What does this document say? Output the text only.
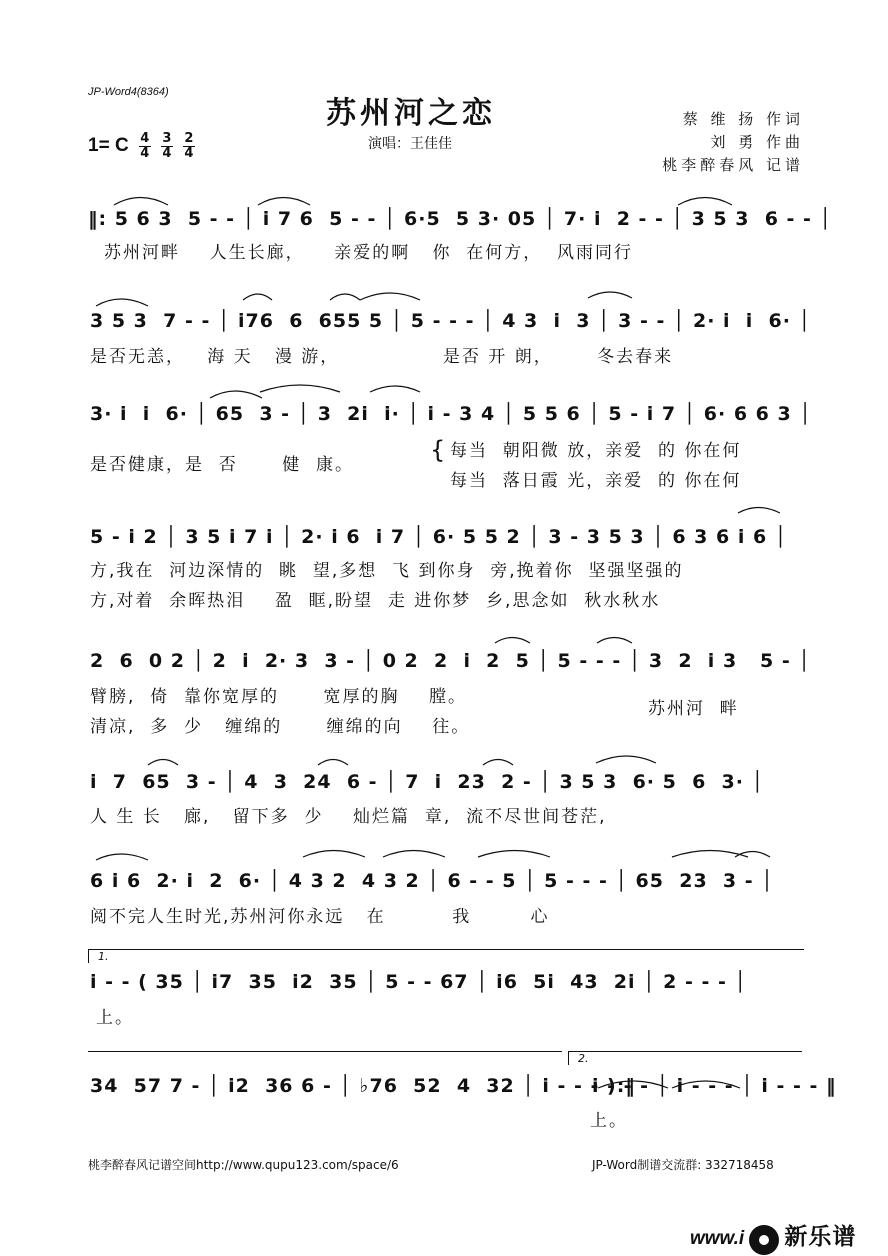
JP-Word4(8364)
苏州河之恋
演唱：王佳佳
蔡 维 扬 作词
刘 勇 作曲
桃李醉春风 记谱
1= C $\frac{4}{4}$
$\frac{3}{4}$
$\frac{2}{4}$
‖: 5 6 3  5 - - │ i 7 6  5 - - │ 6·5  5 3· 05 │ 7· i  2 - - │ 3 5 3  6 - - │
苏州河畔    人生长廊，    亲爱的啊   你  在何方，  风雨同行
3 5 3  7 - - │ i76  6  655 5 │ 5 - - - │ 4 3  i  3 │ 3 - - │ 2· i  i  6· │
是否无恙，   海 天   漫 游，              是否 开 朗，      冬去春来
3· i  i  6· │ 65  3 - │ 3  2i  i· │ i - 3 4 │ 5 5 6 │ 5 - i 7 │ 6· 6 6 3 │
是否健康，是  否      健  康。
{ 每当  朝阳微 放，亲爱  的 你在何
每当  落日霞 光，亲爱  的 你在何
5 - i 2 │ 3 5 i 7 i │ 2· i 6  i 7 │ 6· 5 5 2 │ 3 - 3 5 3 │ 6 3 6 i 6 │
方,我在  河边深情的  眺  望,多想  飞 到你身  旁,挽着你  坚强坚强的
方,对着  余晖热泪    盈  眶,盼望  走 进你梦  乡,思念如  秋水秋水
2  6  0 2 │ 2  i  2· 3  3 - │ 0 2  2  i  2  5 │ 5 - - - │ 3  2  i 3   5 - │
臂膀,  倚  靠你宽厚的      宽厚的胸    膛。
清凉,  多  少   缠绵的      缠绵的向    往。
苏州河  畔
i  7  65  3 - │ 4  3  24  6 - │ 7  i  23  2 - │ 3 5 3  6· 5  6  3· │
人 生 长   廊,   留下多  少    灿烂篇  章,  流不尽世间苍茫,
6 i 6  2· i  2  6· │ 4 3 2  4 3 2 │ 6 - - 5 │ 5 - - - │ 65  23  3 - │
阅不完人生时光,苏州河你永远   在         我        心
1.
i - - ( 35 │ i7  35  i2  35 │ 5 - - 67 │ i6  5i  43  2i │ 2 - - - │
上。
2.
34  57 7 - │ i2  36 6 - │ ♭76  52  4  32 │ i - - - ):‖
i - - - │ i - - - │ i - - - ‖
上。
桃李醉春风记谱空间http://www.qupu123.com/space/6	JP-Word制谱交流群: 332718458
www.i 新乐谱
